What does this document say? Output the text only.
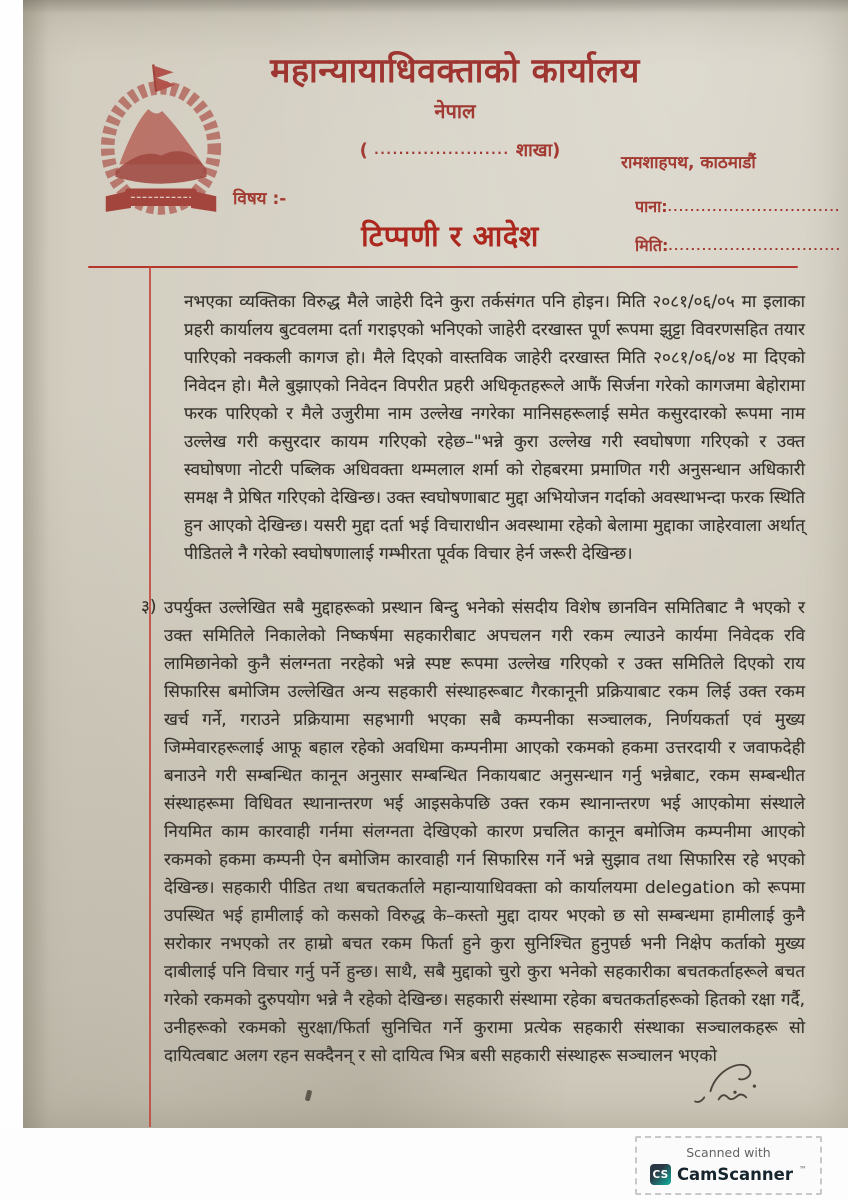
महान्यायाधिवक्ताको कार्यालय
नेपाल
( ...................... शाखा)
रामशाहपथ, काठमाडौं
विषय :-	पाना:...............................
मिति:...............................
टिप्पणी र आदेश

नभएका व्यक्तिका विरुद्ध मैले जाहेरी दिने कुरा तर्कसंगत पनि होइन। मिति २०८१/०६/०५ मा इलाका प्रहरी कार्यालय बुटवलमा दर्ता गराइएको भनिएको जाहेरी दरखास्त पूर्ण रूपमा झुट्टा विवरणसहित तयार पारिएको नक्कली कागज हो। मैले दिएको वास्तविक जाहेरी दरखास्त मिति २०८१/०६/०४ मा दिएको निवेदन हो। मैले बुझाएको निवेदन विपरीत प्रहरी अधिकृतहरूले आफैं सिर्जना गरेको कागजमा बेहोरामा फरक पारिएको र मैले उजुरीमा नाम उल्लेख नगरेका मानिसहरूलाई समेत कसुरदारको रूपमा नाम उल्लेख गरी कसुरदार कायम गरिएको रहेछ–"भन्ने कुरा उल्लेख गरी स्वघोषणा गरिएको र उक्त स्वघोषणा नोटरी पब्लिक अधिवक्ता थम्मलाल शर्मा को रोहबरमा प्रमाणित गरी अनुसन्धान अधिकारी समक्ष नै प्रेषित गरिएको देखिन्छ। उक्त स्वघोषणाबाट मुद्दा अभियोजन गर्दाको अवस्थाभन्दा फरक स्थिति हुन आएको देखिन्छ। यसरी मुद्दा दर्ता भई विचाराधीन अवस्थामा रहेको बेलामा मुद्दाका जाहेरवाला अर्थात् पीडितले नै गरेको स्वघोषणालाई गम्भीरता पूर्वक विचार हेर्न जरूरी देखिन्छ।

३) उपर्युक्त उल्लेखित सबै मुद्दाहरूको प्रस्थान बिन्दु भनेको संसदीय विशेष छानविन समितिबाट नै भएको र उक्त समितिले निकालेको निष्कर्षमा सहकारीबाट अपचलन गरी रकम ल्याउने कार्यमा निवेदक रवि लामिछानेको कुनै संलग्नता नरहेको भन्ने स्पष्ट रूपमा उल्लेख गरिएको र उक्त समितिले दिएको राय सिफारिस बमोजिम उल्लेखित अन्य सहकारी संस्थाहरूबाट गैरकानूनी प्रक्रियाबाट रकम लिई उक्त रकम खर्च गर्ने, गराउने प्रक्रियामा सहभागी भएका सबै कम्पनीका सञ्चालक, निर्णयकर्ता एवं मुख्य जिम्मेवारहरूलाई आफू बहाल रहेको अवधिमा कम्पनीमा आएको रकमको हकमा उत्तरदायी र जवाफदेही बनाउने गरी सम्बन्धित कानून अनुसार सम्बन्धित निकायबाट अनुसन्धान गर्नु भन्नेबाट, रकम सम्बन्धीत संस्थाहरूमा विधिवत स्थानान्तरण भई आइसकेपछि उक्त रकम स्थानान्तरण भई आएकोमा संस्थाले नियमित काम कारवाही गर्नमा संलग्नता देखिएको कारण प्रचलित कानून बमोजिम कम्पनीमा आएको रकमको हकमा कम्पनी ऐन बमोजिम कारवाही गर्न सिफारिस गर्ने भन्ने सुझाव तथा सिफारिस रहे भएको देखिन्छ। सहकारी पीडित तथा बचतकर्ताले महान्यायाधिवक्ता को कार्यालयमा delegation को रूपमा उपस्थित भई हामीलाई को कसको विरुद्ध के–कस्तो मुद्दा दायर भएको छ सो सम्बन्धमा हामीलाई कुनै सरोकार नभएको तर हाम्रो बचत रकम फिर्ता हुने कुरा सुनिश्चित हुनुपर्छ भनी निक्षेप कर्ताको मुख्य दाबीलाई पनि विचार गर्नु पर्ने हुन्छ। साथै, सबै मुद्दाको चुरो कुरा भनेको सहकारीका बचतकर्ताहरूले बचत गरेको रकमको दुरुपयोग भन्ने नै रहेको देखिन्छ। सहकारी संस्थामा रहेका बचतकर्ताहरूको हितको रक्षा गर्दै, उनीहरूको रकमको सुरक्षा/फिर्ता सुनिचित गर्ने कुरामा प्रत्येक सहकारी संस्थाका सञ्चालकहरू सो दायित्वबाट अलग रहन सक्दैनन् र सो दायित्व भित्र बसी सहकारी संस्थाहरू सञ्चालन भएको

Scanned with
CS CamScanner ™
